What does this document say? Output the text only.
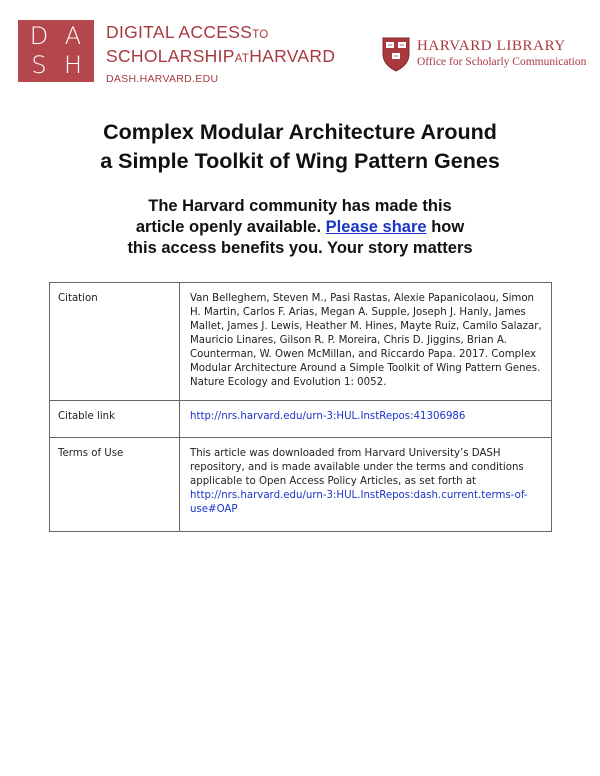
D A
S H
DIGITAL ACCESSTO
SCHOLARSHIPATHARVARD
DASH.HARVARD.EDU
HARVARD LIBRARY
Office for Scholarly Communication
Complex Modular Architecture Around
a Simple Toolkit of Wing Pattern Genes
The Harvard community has made this
article openly available. Please share how
this access benefits you. Your story matters
Citation	Van Belleghem, Steven M., Pasi Rastas, Alexie Papanicolaou, Simon H. Martin, Carlos F. Arias, Megan A. Supple, Joseph J. Hanly, James Mallet, James J. Lewis, Heather M. Hines, Mayte Ruiz, Camilo Salazar, Mauricio Linares, Gilson R. P. Moreira, Chris D. Jiggins, Brian A. Counterman, W. Owen McMillan, and Riccardo Papa. 2017. Complex Modular Architecture Around a Simple Toolkit of Wing Pattern Genes. Nature Ecology and Evolution 1: 0052.
Citable link	http://nrs.harvard.edu/urn-3:HUL.InstRepos:41306986
Terms of Use	This article was downloaded from Harvard University’s DASH repository, and is made available under the terms and conditions applicable to Open Access Policy Articles, as set forth at http://nrs.harvard.edu/urn-3:HUL.InstRepos:dash.current.terms-of-use#OAP
